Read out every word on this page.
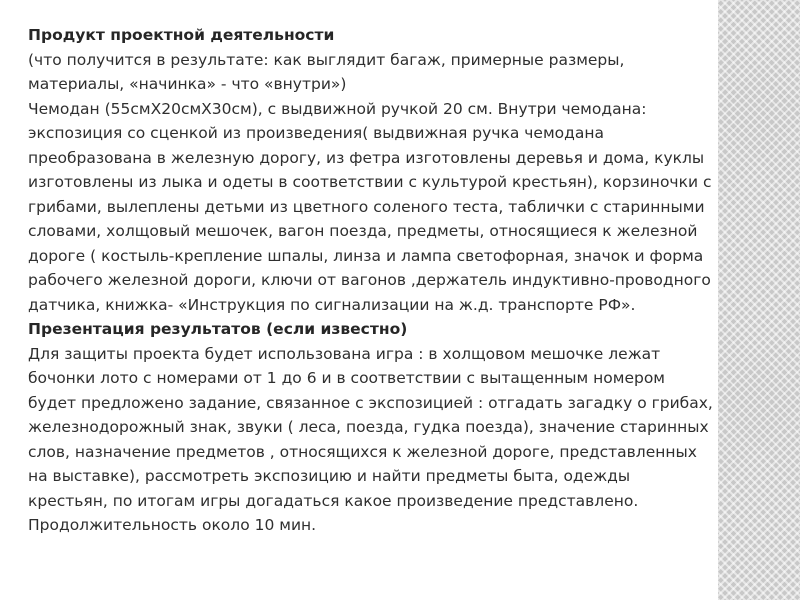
Продукт проектной деятельности

(что получится в результате: как выглядит багаж, примерные размеры, материалы, «начинка» - что «внутри»)

Чемодан (55смХ20смХ30см), с выдвижной ручкой 20 см. Внутри чемодана: экспозиция со сценкой из произведения( выдвижная ручка чемодана преобразована в железную дорогу, из фетра изготовлены деревья и дома, куклы изготовлены из лыка и одеты в соответствии с культурой крестьян), корзиночки с грибами, вылеплены детьми из цветного соленого теста, таблички с старинными словами, холщовый мешочек, вагон поезда, предметы, относящиеся к железной дороге ( костыль-крепление шпалы, линза и лампа светофорная, значок и форма рабочего железной дороги, ключи от вагонов ,держатель индуктивно-проводного датчика, книжка- «Инструкция по сигнализации на ж.д. транспорте РФ».

Презентация результатов (если известно)

Для защиты проекта будет использована игра : в холщовом мешочке лежат бочонки лото с номерами от 1 до 6 и в соответствии с вытащенным номером будет предложено задание, связанное с экспозицией : отгадать загадку о грибах, железнодорожный знак, звуки ( леса, поезда, гудка поезда), значение старинных слов, назначение предметов , относящихся к железной дороге, представленных на выставке), рассмотреть экспозицию и найти предметы быта, одежды крестьян, по итогам игры догадаться какое произведение представлено. Продолжительность около 10 мин.
